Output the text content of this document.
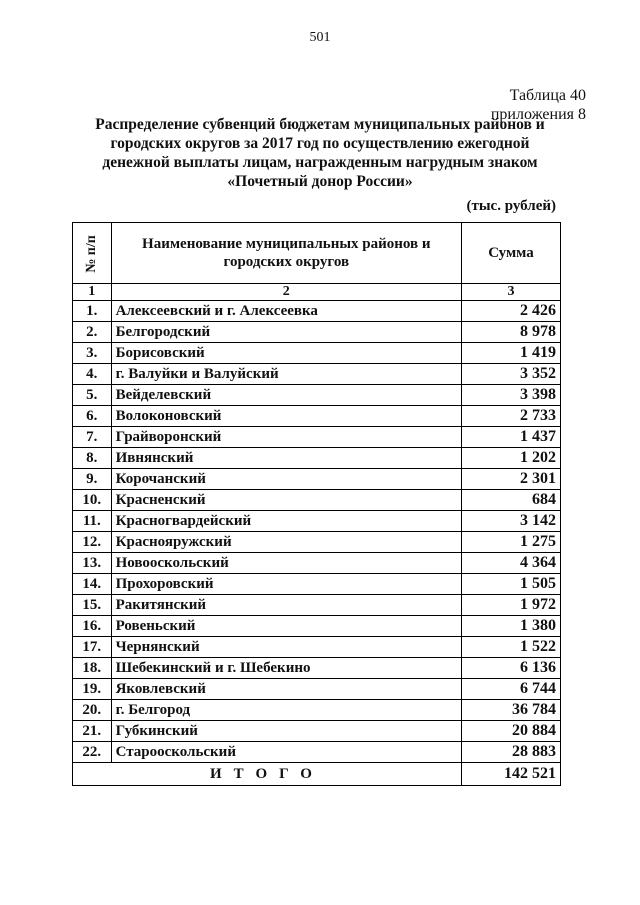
501
Таблица 40
приложения 8
Распределение субвенций бюджетам муниципальных районов и
городских округов за 2017 год по осуществлению ежегодной
денежной выплаты лицам, награжденным нагрудным знаком
«Почетный донор России»
(тыс. рублей)
№ п/п	Наименование муниципальных районов и
городских округов	Сумма
1	2	3
1.	Алексеевский и г. Алексеевка	2 426
2.	Белгородский	8 978
3.	Борисовский	1 419
4.	г. Валуйки и Валуйский	3 352
5.	Вейделевский	3 398
6.	Волоконовский	2 733
7.	Грайворонский	1 437
8.	Ивнянский	1 202
9.	Корочанский	2 301
10.	Красненский	684
11.	Красногвардейский	3 142
12.	Краснояружский	1 275
13.	Новооскольский	4 364
14.	Прохоровский	1 505
15.	Ракитянский	1 972
16.	Ровеньский	1 380
17.	Чернянский	1 522
18.	Шебекинский и г. Шебекино	6 136
19.	Яковлевский	6 744
20.	г. Белгород	36 784
21.	Губкинский	20 884
22.	Старооскольский	28 883
ИТОГО		142 521
